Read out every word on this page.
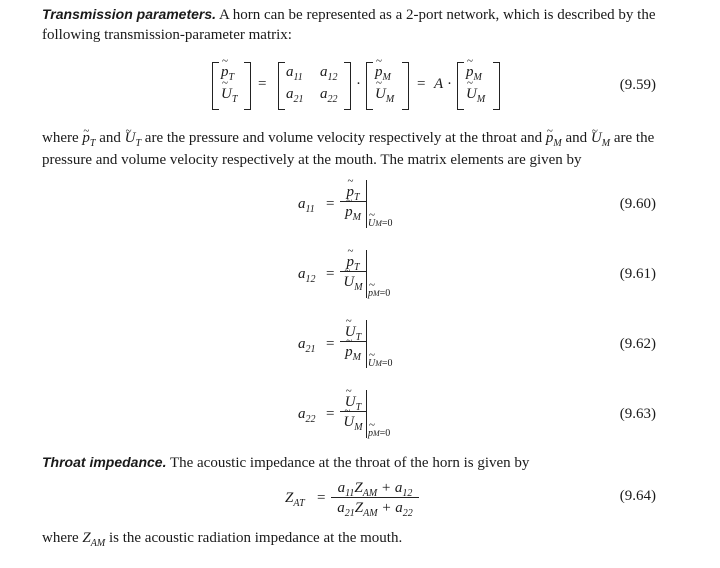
Transmission parameters. A horn can be represented as a 2-port network, which is described by the
following transmission-parameter matrix:
~ $p_T$
~ $U_T$
=
$a_{11}$ $a_{12}$
$a_{21}$ $a_{22}$
·
~ $p_M$
~ $U_M$
= A ·
~ $p_M$
~ $U_M$
(9.59)
where ~ $p_T$ and ~ $U_T$ are the pressure and volume velocity respectively at the throat and ~ $p_M$ and ~ $U_M$ are the
pressure and volume velocity respectively at the mouth. The matrix elements are given by
$a_{11}$ =
~ $p_T$
~ $p_M$
~ UM=0
(9.60)
$a_{12}$ =
~ $p_T$
~ $U_M$
~ pM=0
(9.61)
$a_{21}$ =
~ $U_T$
~ $p_M$
~ UM=0
(9.62)
$a_{22}$ =
~ $U_T$
~ $U_M$
~ pM=0
(9.63)
Throat impedance. The acoustic impedance at the throat of the horn is given by
$Z_{AT}$ =
$a_{11}Z_{AM} + a_{12}$
$a_{21}Z_{AM} + a_{22}$
(9.64)
where $Z_{AM}$ is the acoustic radiation impedance at the mouth.
